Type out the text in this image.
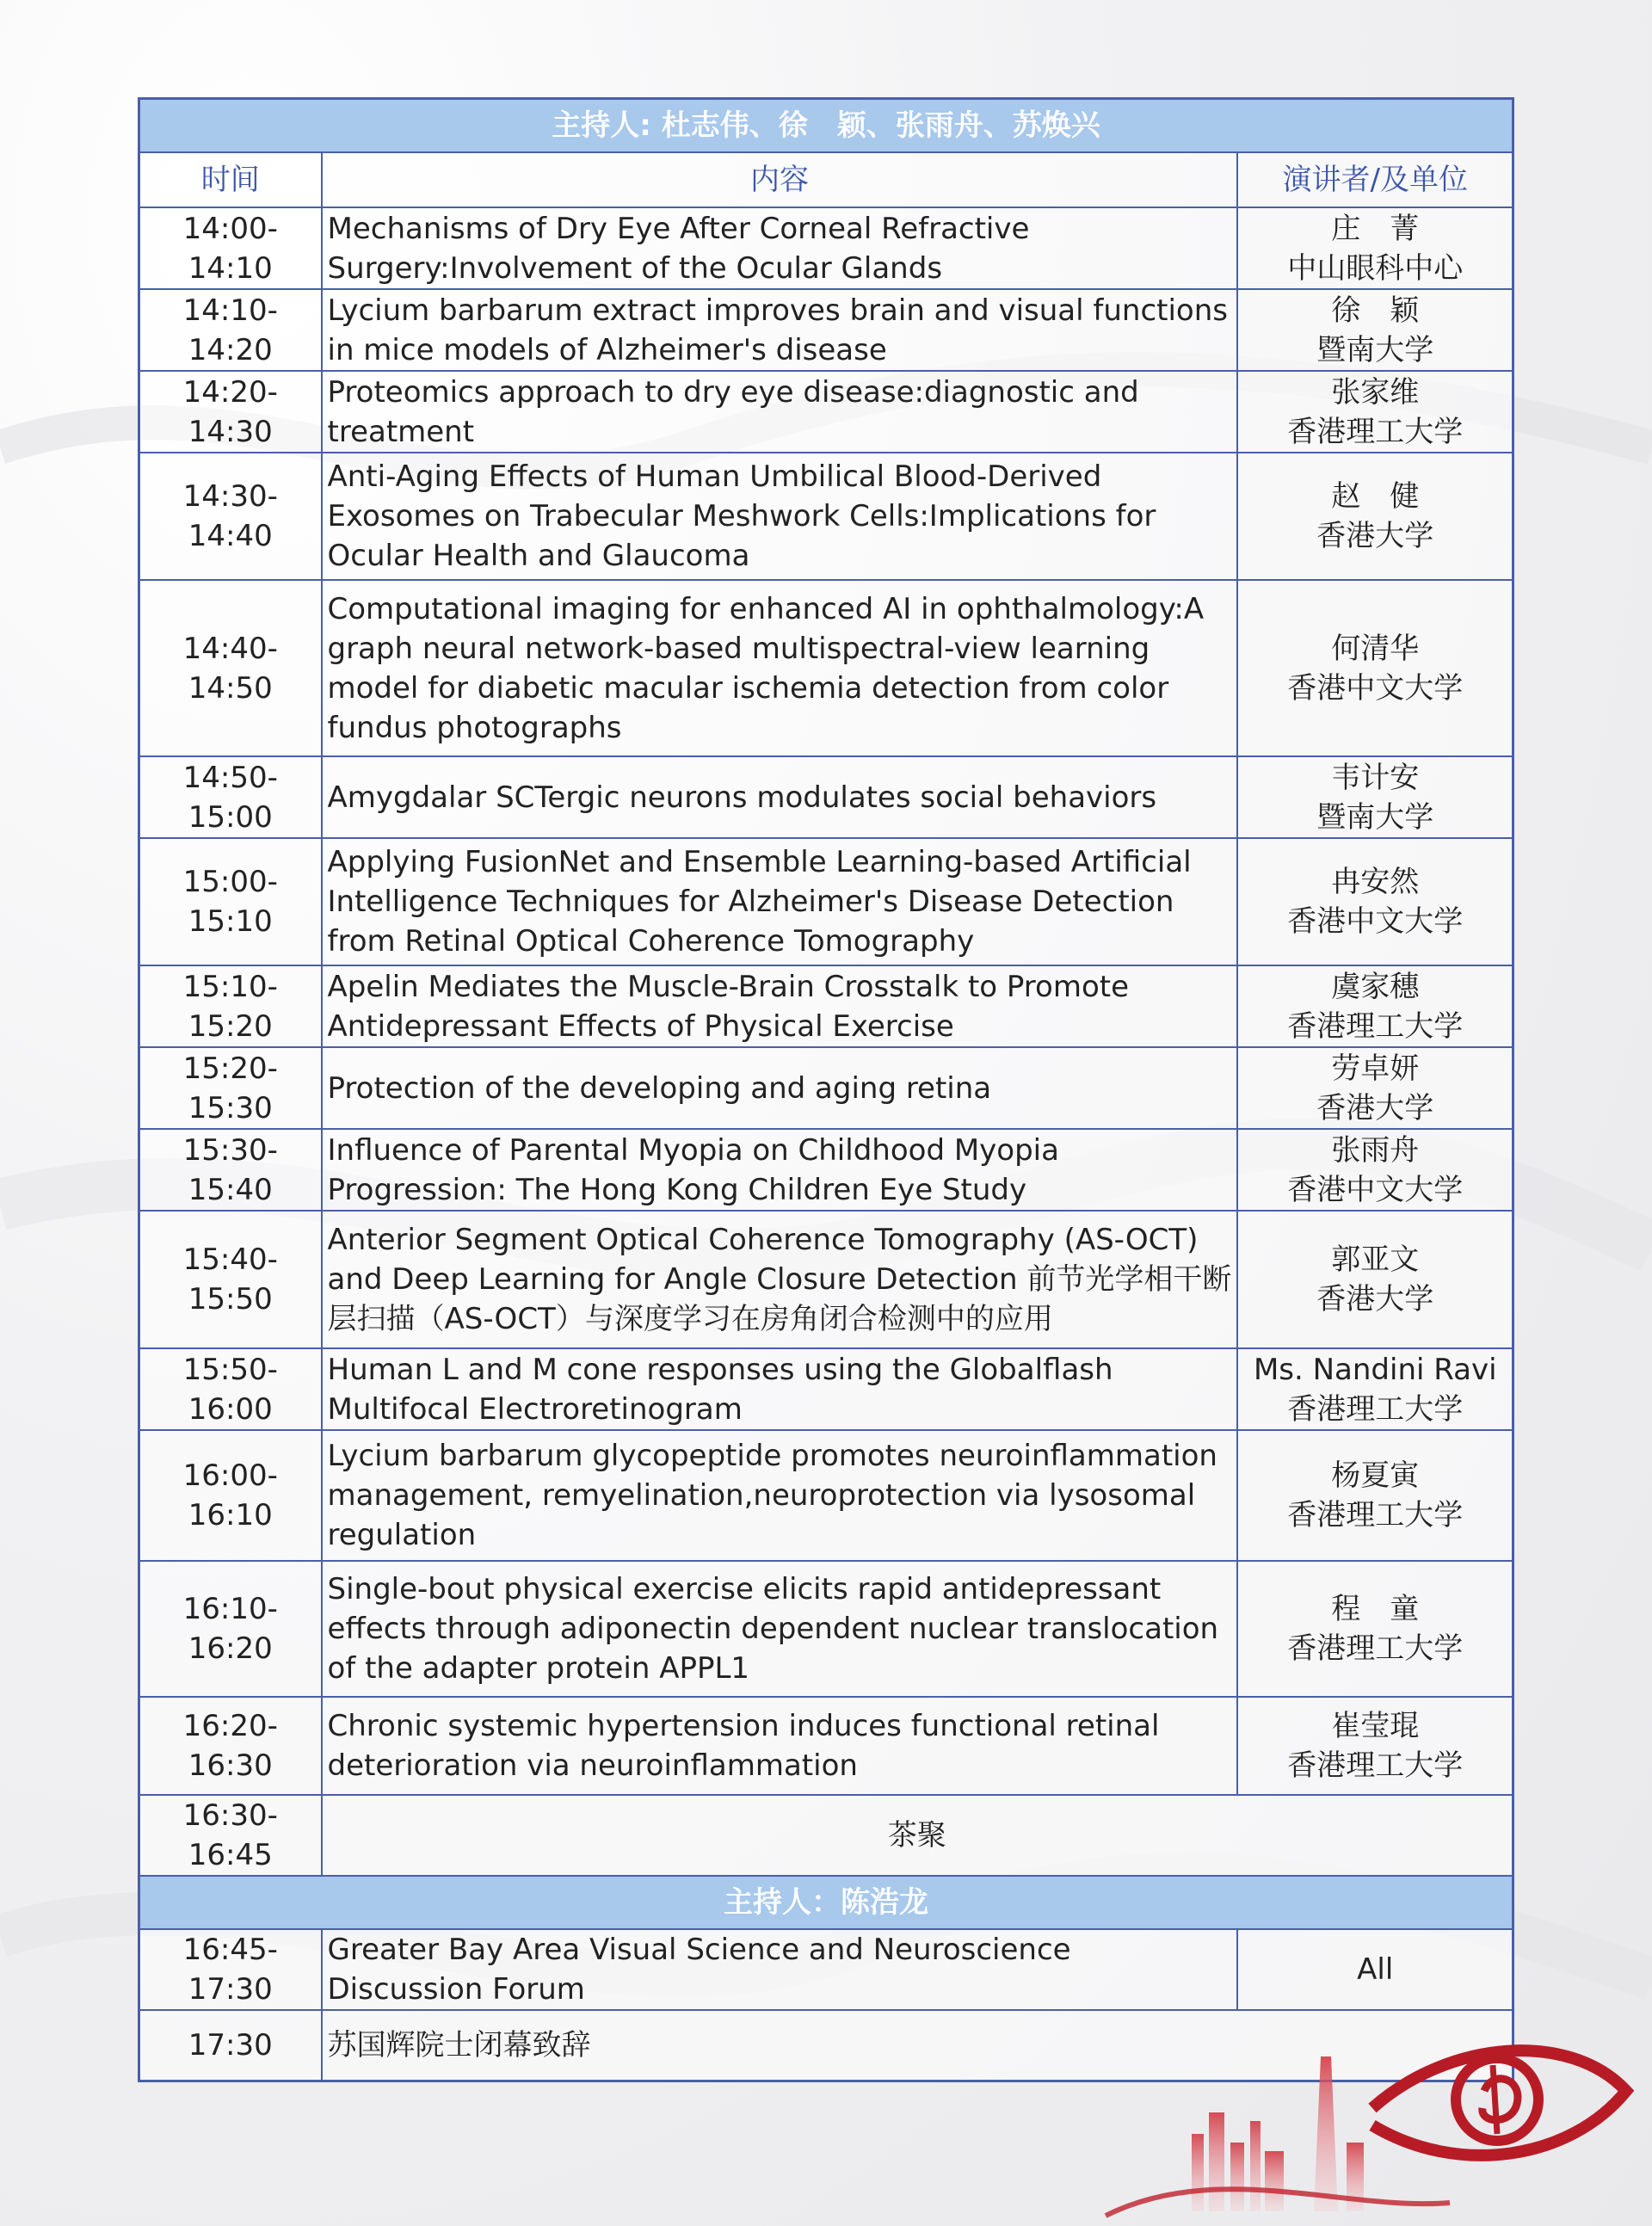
主持人: 杜志伟、徐　颖、张雨舟、苏焕兴		
时间	内容	演讲者/及单位
14:00-14:10	Mechanisms of Dry Eye After Corneal Refractive Surgery:Involvement of the Ocular Glands	庄　菁
中山眼科中心

14:10-14:20	Lycium barbarum extract improves brain and visual functions in mice models of Alzheimer's disease	徐　颖
暨南大学

14:20-14:30	Proteomics approach to dry eye disease:diagnostic and treatment	张家维
香港理工大学

14:30-14:40	Anti-Aging Effects of Human Umbilical Blood-Derived Exosomes on Trabecular Meshwork Cells:Implications for Ocular Health and Glaucoma	赵　健
香港大学

14:40-14:50	Computational imaging for enhanced AI in ophthalmology:A graph neural network-based multispectral-view learning model for diabetic macular ischemia detection from color fundus photographs	何清华
香港中文大学

14:50-15:00	Amygdalar SCTergic neurons modulates social behaviors	韦计安
暨南大学

15:00-15:10	Applying FusionNet and Ensemble Learning-based Artificial Intelligence Techniques for Alzheimer's Disease Detection from Retinal Optical Coherence Tomography	冉安然
香港中文大学

15:10-15:20	Apelin Mediates the Muscle-Brain Crosstalk to Promote Antidepressant Effects of Physical Exercise	虞家穗
香港理工大学

15:20-15:30	Protection of the developing and aging retina	劳卓妍
香港大学

15:30-15:40	Influence of Parental Myopia on Childhood Myopia Progression: The Hong Kong Children Eye Study	张雨舟
香港中文大学

15:40-15:50	Anterior Segment Optical Coherence Tomography (AS-OCT) and Deep Learning for Angle Closure Detection 前节光学相干断层扫描（AS-OCT）与深度学习在房角闭合检测中的应用	郭亚文
香港大学

15:50-16:00	Human L and M cone responses using the Globalflash Multifocal Electroretinogram	Ms. Nandini Ravi
香港理工大学

16:00-16:10	Lycium barbarum glycopeptide promotes neuroinflammation management, remyelination,neuroprotection via lysosomal regulation	杨夏寅
香港理工大学

16:10-16:20	Single-bout physical exercise elicits rapid antidepressant effects through adiponectin dependent nuclear translocation of the adapter protein APPL1	程　童
香港理工大学

16:20-16:30	Chronic systemic hypertension induces functional retinal deterioration via neuroinflammation	崔莹琨
香港理工大学

16:30-16:45	茶聚	
主持人：陈浩龙		
16:45-17:30	Greater Bay Area Visual Science and Neuroscience Discussion Forum	All
17:30	苏国辉院士闭幕致辞	
